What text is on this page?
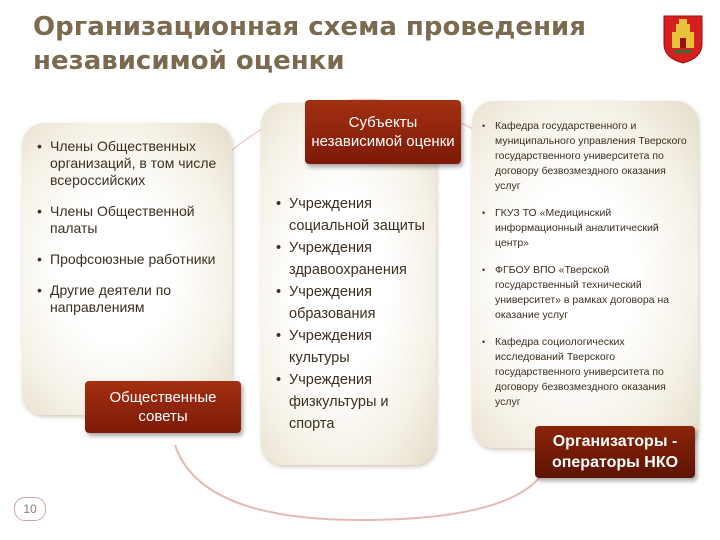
Организационная схема проведения
независимой оценки
• Члены Общественных организаций, в том числе всероссийских
• Члены Общественной палаты
• Профсоюзные работники
• Другие деятели по направлениям
• Учреждения социальной защиты
• Учреждения здравоохранения
• Учреждения образования
• Учреждения культуры
• Учреждения физкультуры и спорта
• Кафедра государственного и муниципального управления Тверского государственного университета по договору безвозмездного оказания услуг
• ГКУЗ ТО «Медицинский информационный аналитический центр»
• ФГБОУ ВПО «Тверской государственный технический университет» в рамках договора на оказание услуг
• Кафедра социологических исследований Тверского государственного университета по договору безвозмездного оказания услуг
Общественные советы
Субъекты независимой оценки
Организаторы - операторы НКО
10
